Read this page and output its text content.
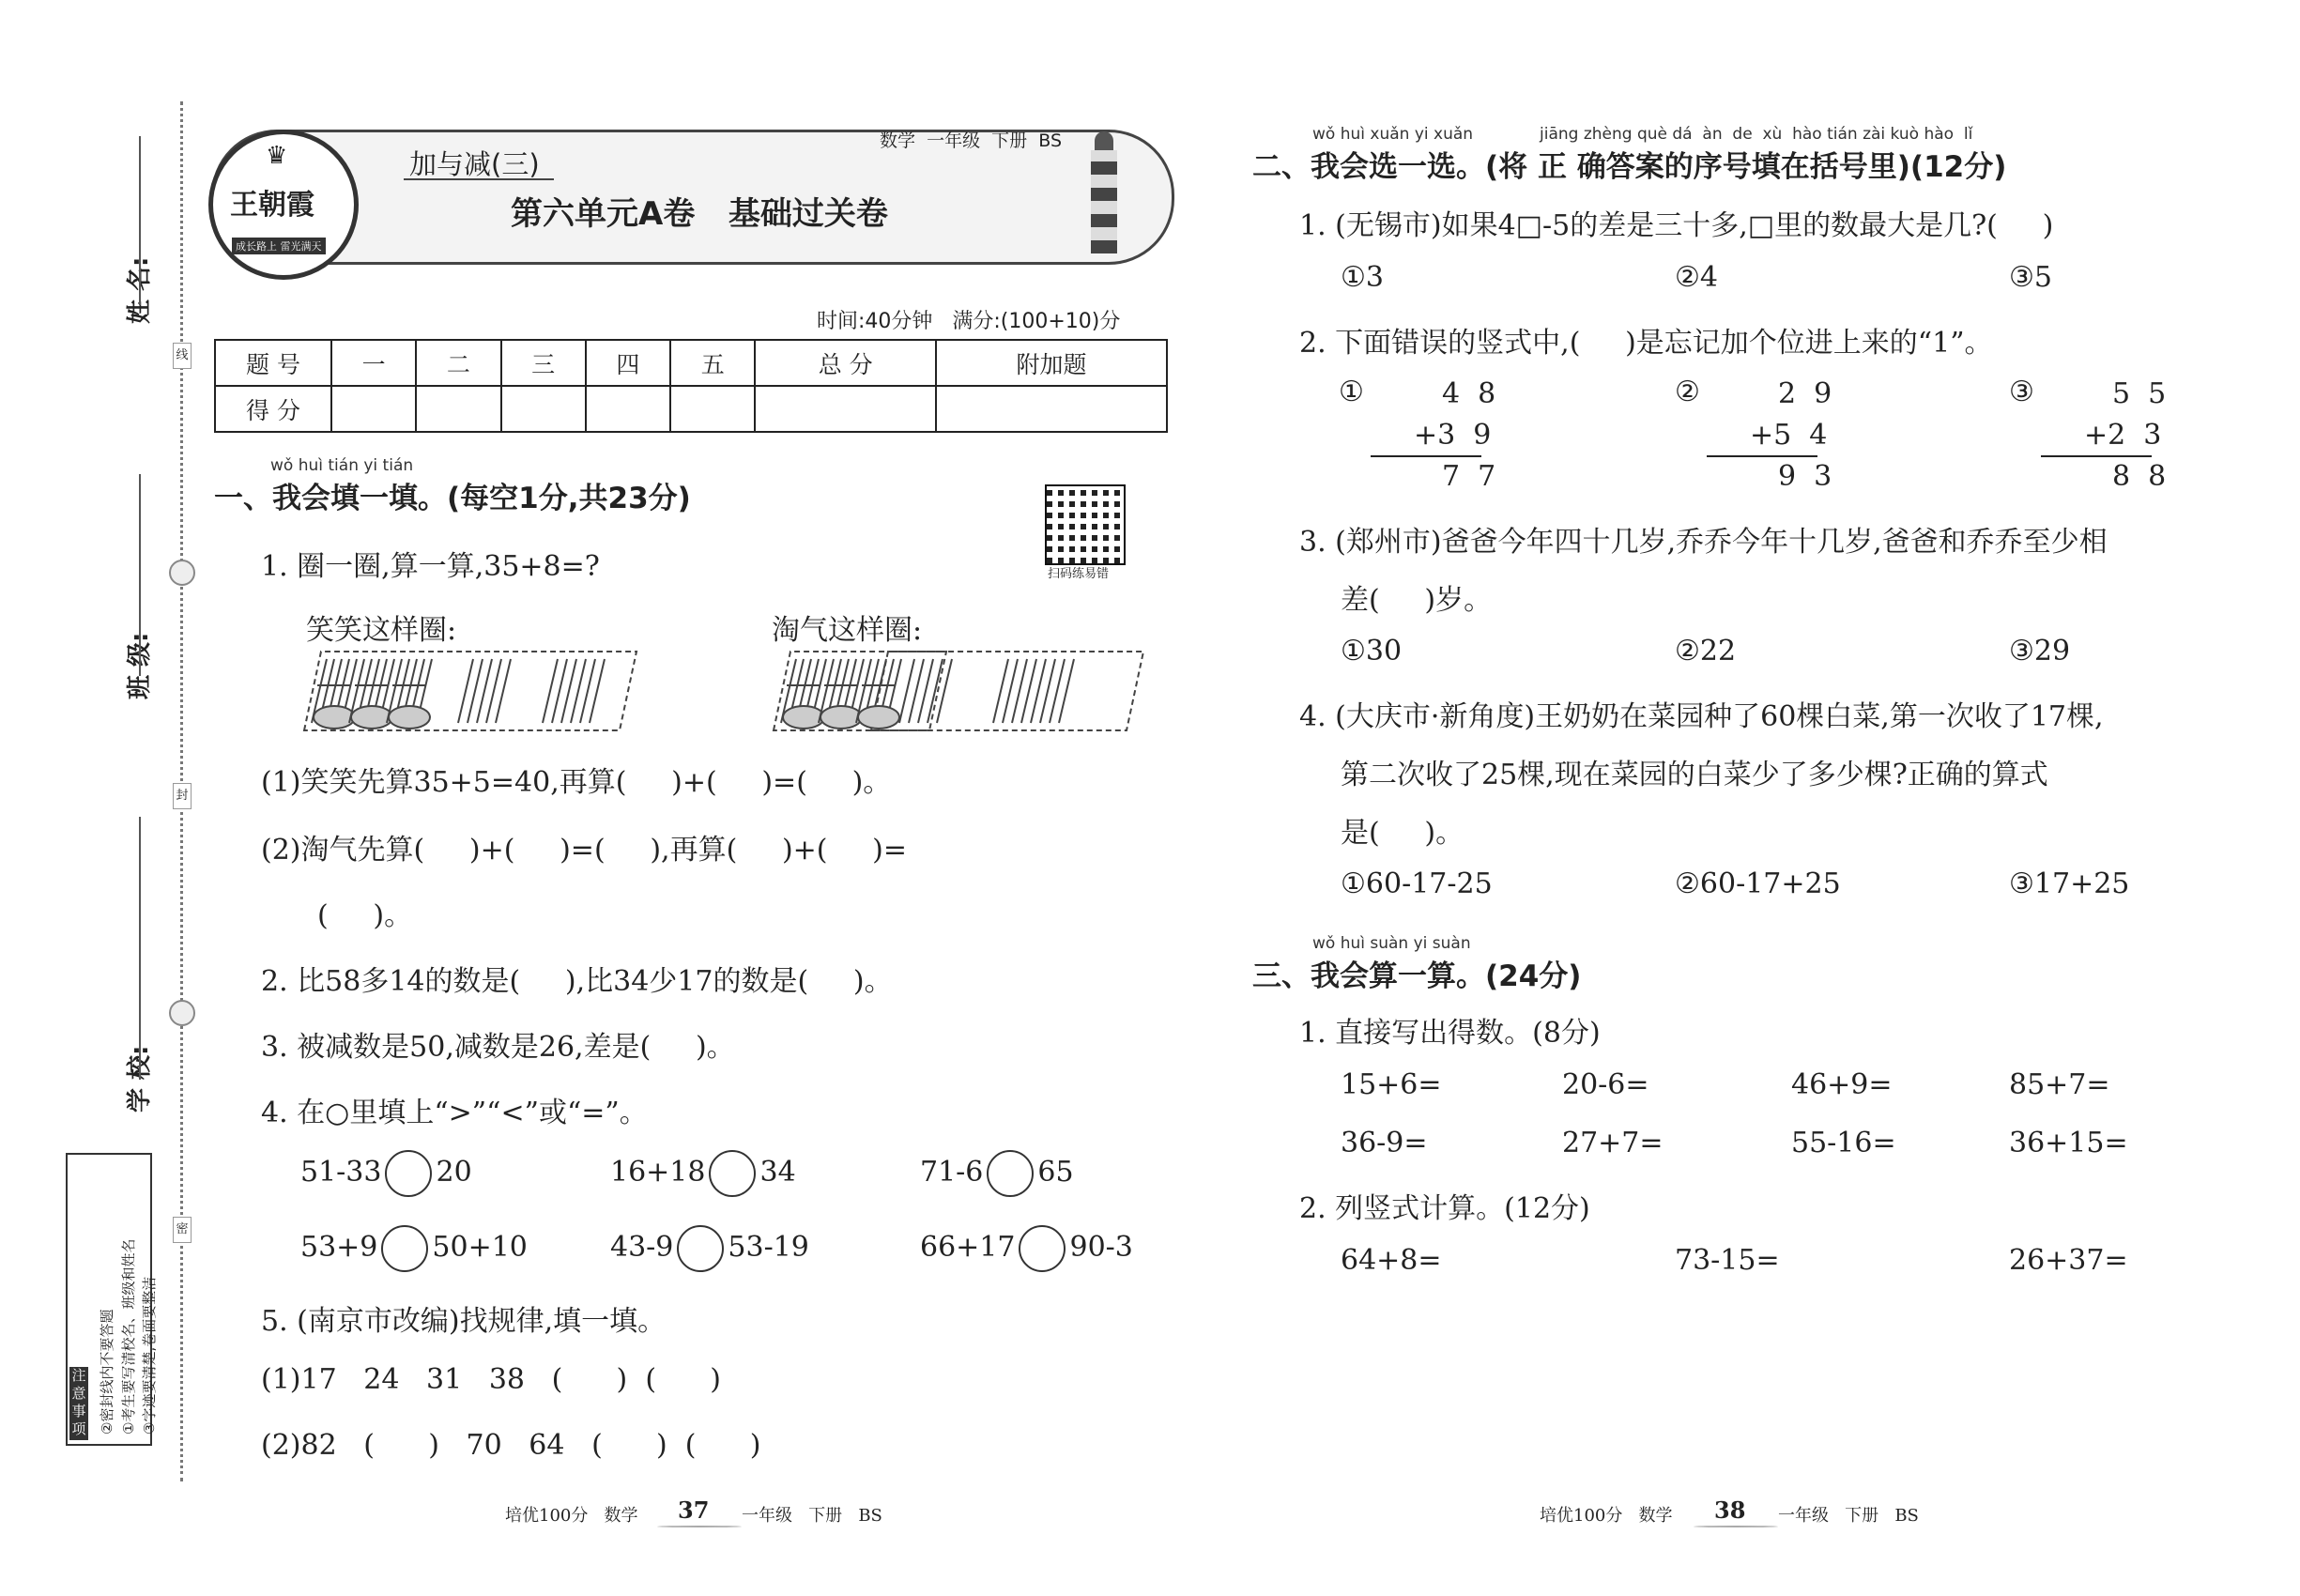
姓 名:
班 级:
学 校:
线
封
密
注意事项 ①考生要写清校名、班级和姓名
②密封线内不要答题 ③字迹要清楚,卷面要整洁
王朝霞
成长路上 雷光满天
♛	加与减(三)
数学  一年级  下册  BS
第六单元A卷   基础过关卷
时间:40分钟   满分:(100+10)分
题 号	一	二	三	四	五	总 分	附加题
得 分							
wǒ huì tián yi tián
一、我会填一填。(每空1分,共23分)
扫码练易错
1. 圈一圈,算一算,35+8=?
笑笑这样圈:	淘气这样圈:
(1)笑笑先算35+5=40,再算(     )+(     )=(     )。
(2)淘气先算(     )+(     )=(     ),再算(     )+(     )=
(     )。
2. 比58多14的数是(     ),比34少17的数是(     )。
3. 被减数是50,减数是26,差是(     )。
4. 在○里填上“>”“<”或“=”。
51-33 20	16+18 34	71-6 65
53+9 50+10	43-9 53-19	66+17 90-3
5. (南京市改编)找规律,填一填。
(1)17   24   31   38   (      )  (      )
(2)82   (      )   70   64   (      )  (      )
wǒ huì xuǎn yi xuǎn	jiāng zhèng què dá  àn  de  xù  hào tián zài kuò hào  lǐ
二、我会选一选。(将 正 确答案的序号填在括号里)(12分)
1. (无锡市)如果4□-5的差是三十多,□里的数最大是几?(     )
①3	②4	③5
2. 下面错误的竖式中,(     )是忘记加个位进上来的“1”。
①	4  8
+3  9
7  7
②	2  9
+5  4
9  3
③	5  5
+2  3
8  8
3. (郑州市)爸爸今年四十几岁,乔乔今年十几岁,爸爸和乔乔至少相
差(     )岁。
①30	②22	③29
4. (大庆市·新角度)王奶奶在菜园种了60棵白菜,第一次收了17棵,
第二次收了25棵,现在菜园的白菜少了多少棵?正确的算式
是(     )。
①60-17-25	②60-17+25	③17+25
wǒ huì suàn yi suàn
三、我会算一算。(24分)
1. 直接写出得数。(8分)
15+6=	20-6=	46+9=	85+7=
36-9=	27+7=	55-16=	36+15=
2. 列竖式计算。(12分)
64+8=	73-15=	26+37=
培优100分   数学 37 一年级   下册   BS	培优100分   数学 38 一年级   下册   BS
